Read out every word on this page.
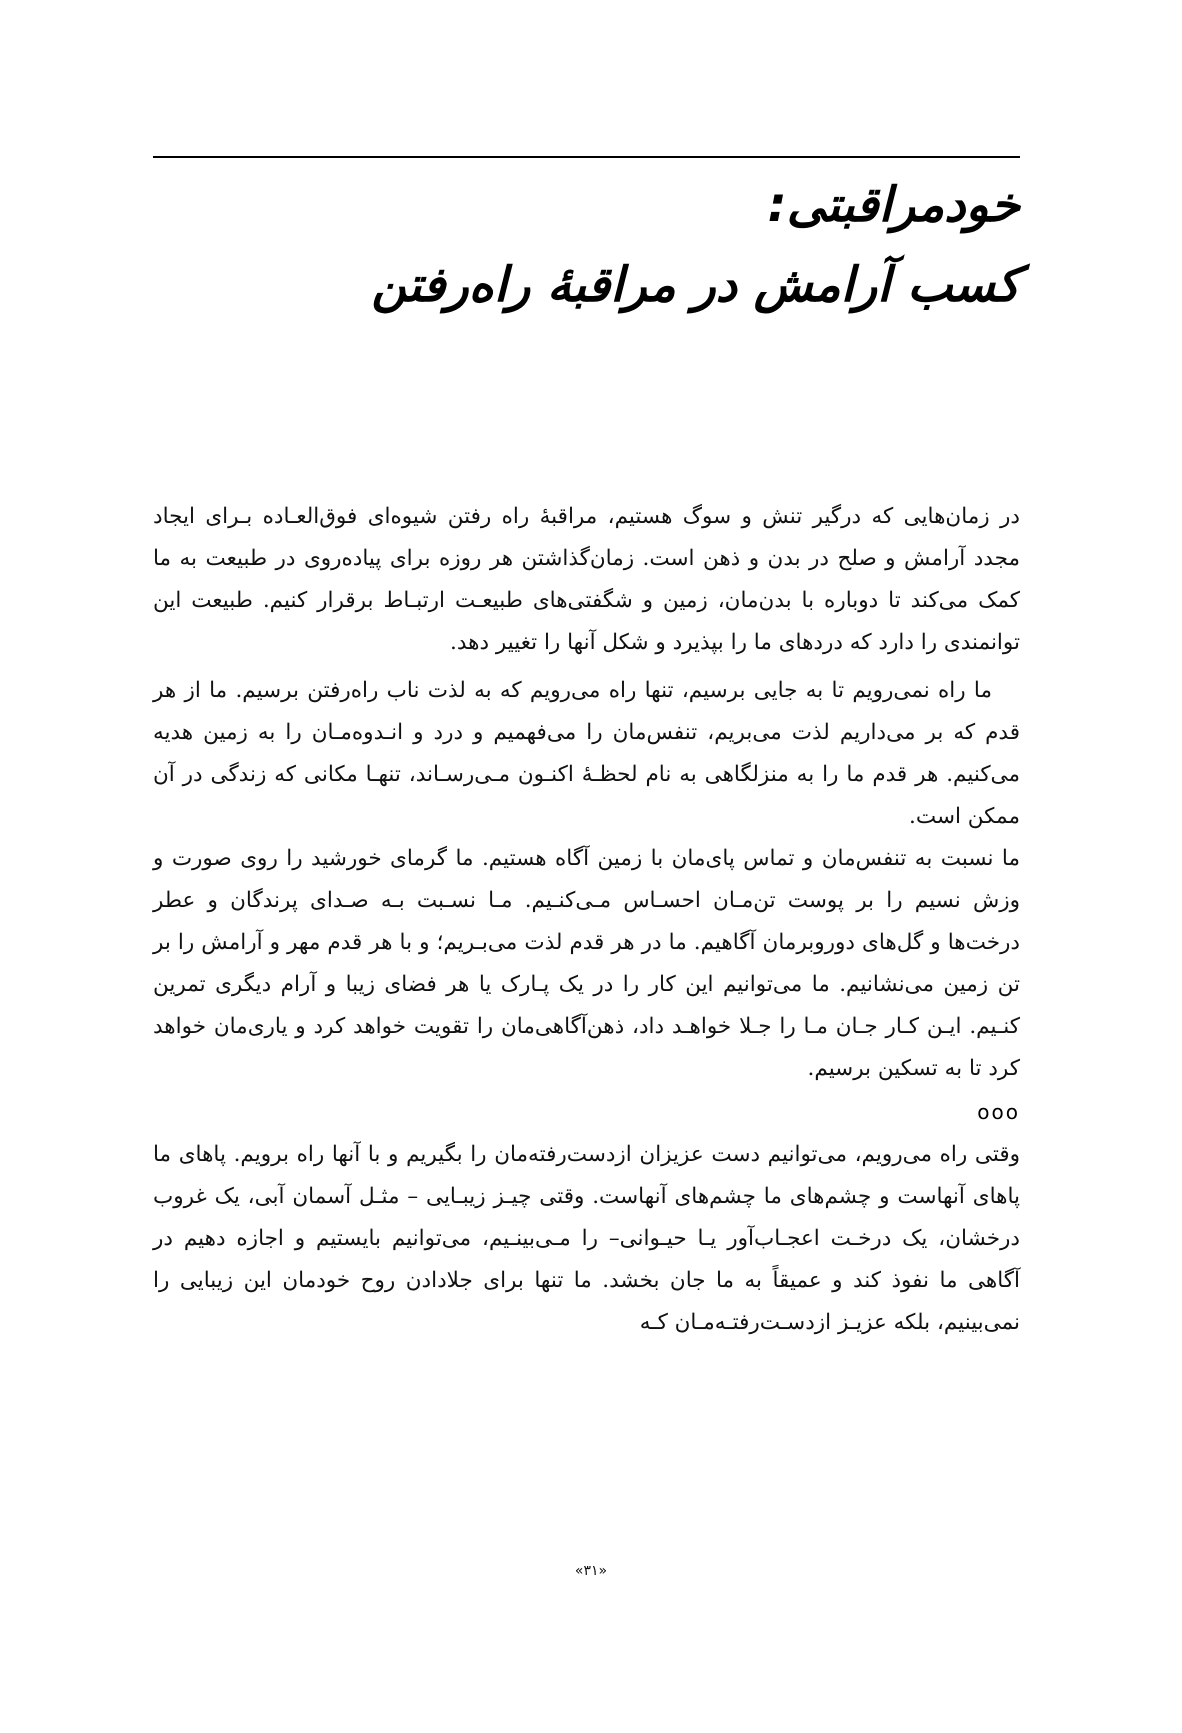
خودمراقبتی:
کسب آرامش در مراقبۀ راه‌رفتن

در زمان‌هایی که درگیر تنش و سوگ هستیم، مراقبۀ راه رفتن شیوه‌ای فوق‌العـاده بـرای ایجاد مجدد آرامش و صلح در بدن و ذهن است. زمان‌گذاشتن هر روزه برای پیاده‌روی در طبیعت به ما کمک می‌کند تا دوباره با بدن‌مان، زمین و شگفتی‌های طبیعـت ارتبـاط برقرار کنیم. طبیعت این توانمندی را دارد که دردهای ما را بپذیرد و شکل آنها را تغییر دهد.

ما راه نمی‌رویم تا به جایی برسیم، تنها راه می‌رویم که به لذت ناب راه‌رفتن برسیم. ما از هر قدم که بر می‌داریم لذت می‌بریم، تنفس‌مان را می‌فهمیم و درد و انـدوه‌مـان را به زمین هدیه می‌کنیم. هر قدم ما را به منزلگاهی به نام لحظـۀ اکنـون مـی‌رسـاند، تنهـا مکانی که زندگی در آن ممکن است.

ما نسبت به تنفس‌مان و تماس پای‌مان با زمین آگاه هستیم. ما گرمای خورشید را روی صورت و وزش نسیم را بر پوست تن‌مـان احسـاس مـی‌کنـیم. مـا نسـبت بـه صـدای پرندگان و عطر درخت‌ها و گل‌های دوروبرمان آگاهیم. ما در هر قدم لذت می‌بـریم؛ و با هر قدم مهر و آرامش را بر تن زمین می‌نشانیم. ما می‌توانیم این کار را در یک پـارک یا هر فضای زیبا و آرام دیگری تمرین کنـیم. ایـن کـار جـان مـا را جـلا خواهـد داد، ذهن‌آگاهی‌مان را تقویت خواهد کرد و یاری‌مان خواهد کرد تا به تسکین برسیم.

ooo

وقتی راه می‌رویم، می‌توانیم دست عزیزان ازدست‌رفته‌مان را بگیریم و با آنها راه برویم. پاهای ما پاهای آنهاست و چشم‌های ما چشم‌های آنهاست. وقتی چیـز زیبـایی – مثـل آسمان آبی، یک غروب درخشان، یک درخـت اعجـاب‌آور یـا حیـوانی– را مـی‌بینـیم، می‌توانیم بایستیم و اجازه دهیم در آگاهی ما نفوذ کند و عمیقاً به ما جان بخشد. ما تنها برای جلادادن روح خودمان این زیبایی را نمی‌بینیم، بلکه عزیـز ازدسـت‌رفتـه‌مـان کـه

«۳۱»
